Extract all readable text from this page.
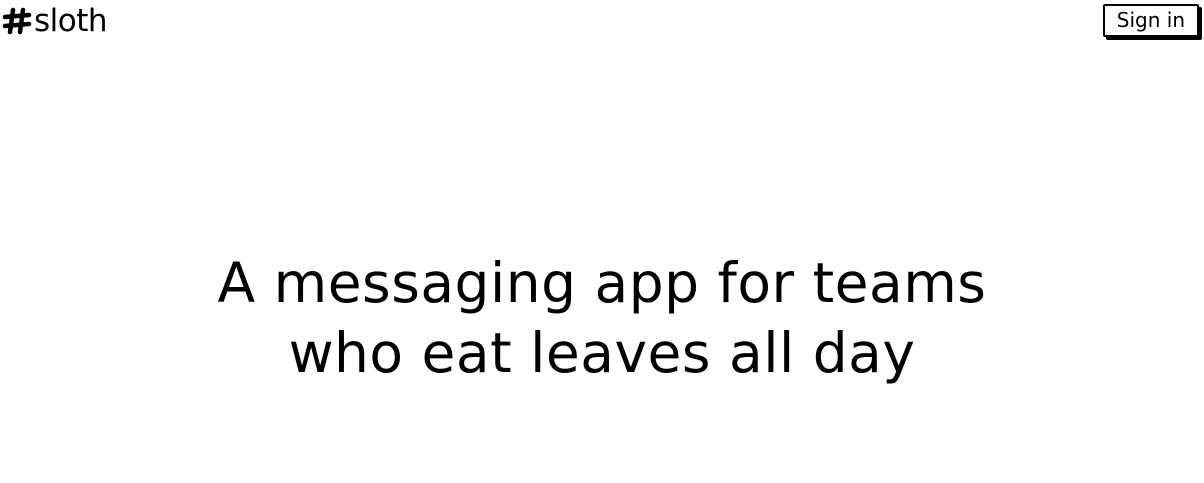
sloth	Sign in
A messaging app for teams
who eat leaves all day
